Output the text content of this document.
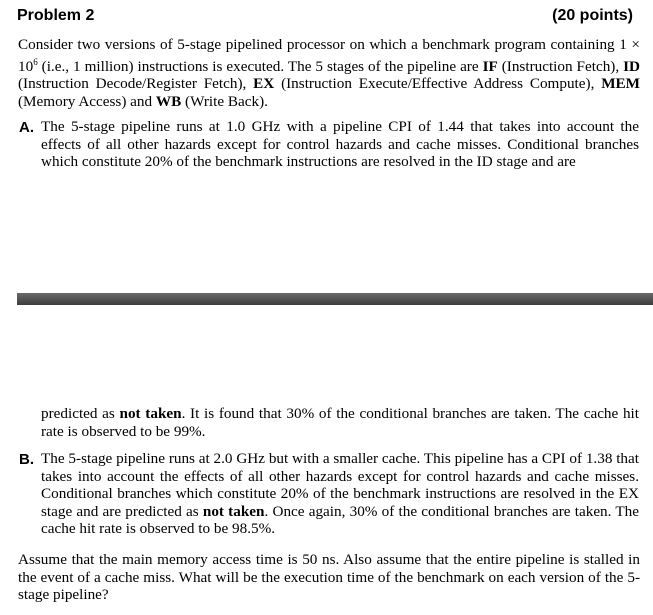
Problem 2	(20 points)
Consider two versions of 5-stage pipelined processor on which a benchmark program containing $1 \times 10^6$ (i.e., 1 million) instructions is executed. The 5 stages of the pipeline are IF (Instruction Fetch), ID (Instruction Decode/Register Fetch), EX (Instruction Execute/Effective Address Compute), MEM (Memory Access) and WB (Write Back).
A. The 5-stage pipeline runs at 1.0 GHz with a pipeline CPI of 1.44 that takes into account the effects of all other hazards except for control hazards and cache misses. Conditional branches which constitute 20% of the benchmark instructions are resolved in the ID stage and are
predicted as not taken. It is found that 30% of the conditional branches are taken. The cache hit rate is observed to be 99%.
B. The 5-stage pipeline runs at 2.0 GHz but with a smaller cache. This pipeline has a CPI of 1.38 that takes into account the effects of all other hazards except for control hazards and cache misses. Conditional branches which constitute 20% of the benchmark instructions are resolved in the EX stage and are predicted as not taken. Once again, 30% of the conditional branches are taken. The cache hit rate is observed to be 98.5%.
Assume that the main memory access time is 50 ns. Also assume that the entire pipeline is stalled in the event of a cache miss. What will be the execution time of the benchmark on each version of the 5-stage pipeline?
